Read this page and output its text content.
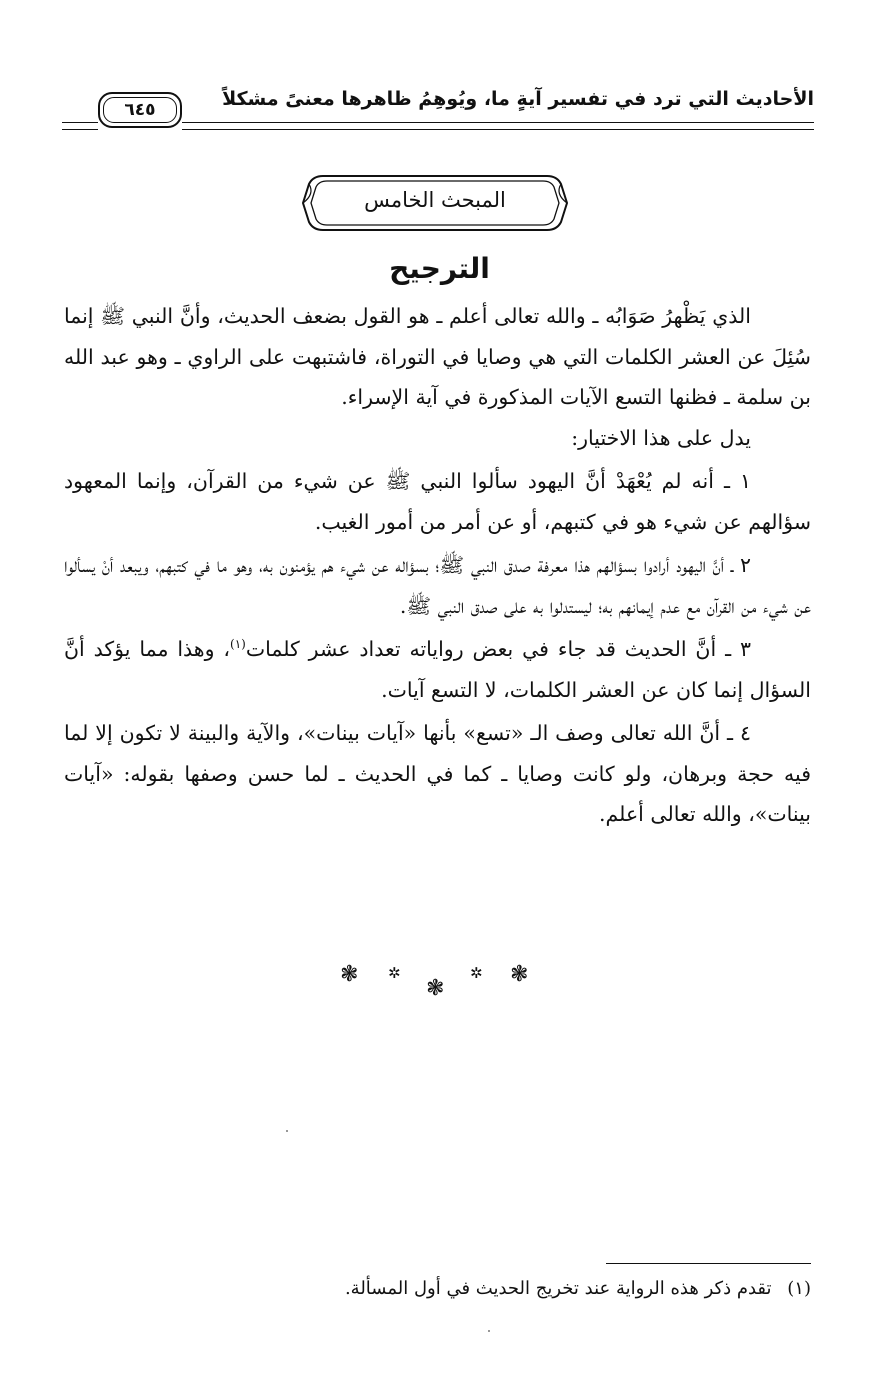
الأحاديث التي ترد في تفسير آيةٍ ما، ويُوهِمُ ظاهرها معنىً مشكلاً
٦٤٥
المبحث الخامس
الترجيح

الذي يَظْهرُ صَوَابُه ـ والله تعالى أعلم ـ هو القول بضعف الحديث، وأنَّ النبي ﷺ إنما سُئِلَ عن العشر الكلمات التي هي وصايا في التوراة، فاشتبهت على الراوي ـ وهو عبد الله بن سلمة ـ فظنها التسع الآيات المذكورة في آية الإسراء.

يدل على هذا الاختيار:

١ ـ أنه لم يُعْهَدْ أنَّ اليهود سألوا النبي ﷺ عن شيء من القرآن، وإنما المعهود سؤالهم عن شيء هو في كتبهم، أو عن أمر من أمور الغيب.

٢ ـ أنَّ اليهود أرادوا بسؤالهم هذا معرفة صدق النبي ﷺ؛ بسؤاله عن شيء هم يؤمنون به، وهو ما في كتبهم، ويبعد أنْ يسألوا عن شيء من القرآن مع عدم إيمانهم به؛ ليستدلوا به على صدق النبي ﷺ.

٣ ـ أنَّ الحديث قد جاء في بعض رواياته تعداد عشر كلمات$^{(١)}$، وهذا مما يؤكد أنَّ السؤال إنما كان عن العشر الكلمات، لا التسع آيات.

٤ ـ أنَّ الله تعالى وصف الـ «تسع» بأنها «آيات بينات»، والآية والبينة لا تكون إلا لما فيه حجة وبرهان، ولو كانت وصايا ـ كما في الحديث ـ لما حسن وصفها بقوله: «آيات بينات»، والله تعالى أعلم.

❃
✲
❃
✲
❃
(١) تقدم ذكر هذه الرواية عند تخريج الحديث في أول المسألة.
